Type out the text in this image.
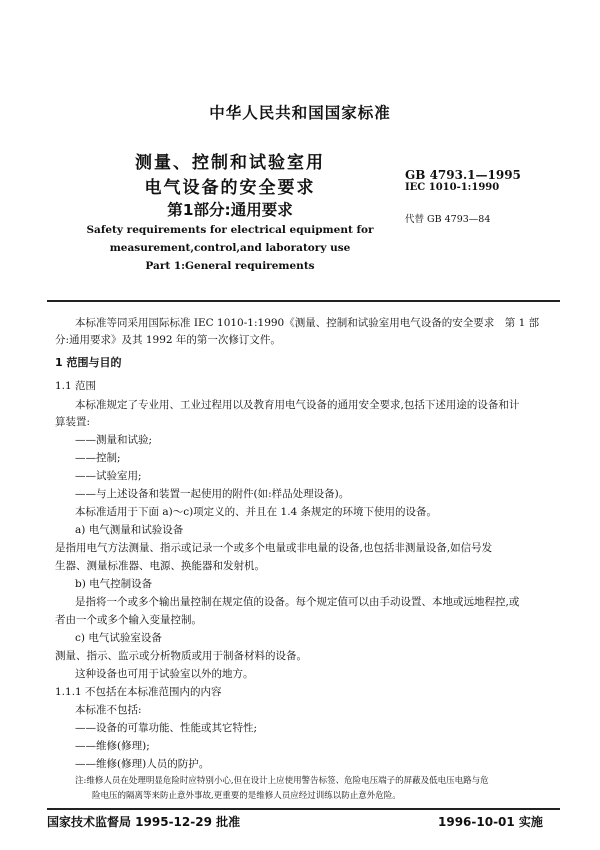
中华人民共和国国家标准
测量、控制和试验室用
电气设备的安全要求
第1部分:通用要求
Safety requirements for electrical equipment for
measurement,control,and laboratory use
Part 1:General requirements
GB 4793.1—1995
IEC 1010-1:1990
代替 GB 4793—84
本标准等同采用国际标准 IEC 1010-1:1990《测量、控制和试验室用电气设备的安全要求　第 1 部
分:通用要求》及其 1992 年的第一次修订文件。
1 范围与目的
1.1 范围
本标准规定了专业用、工业过程用以及教育用电气设备的通用安全要求,包括下述用途的设备和计
算装置:
——测量和试验;
——控制;
——试验室用;
——与上述设备和装置一起使用的附件(如:样品处理设备)。
本标准适用于下面 a)～c)项定义的、并且在 1.4 条规定的环境下使用的设备。
a) 电气测量和试验设备
是指用电气方法测量、指示或记录一个或多个电量或非电量的设备,也包括非测量设备,如信号发
生器、测量标准器、电源、换能器和发射机。
b) 电气控制设备
是指将一个或多个输出量控制在规定值的设备。每个规定值可以由手动设置、本地或远地程控,或
者由一个或多个输入变量控制。
c) 电气试验室设备
测量、指示、监示或分析物质或用于制备材料的设备。
这种设备也可用于试验室以外的地方。
1.1.1 不包括在本标准范围内的内容
本标准不包括:
——设备的可靠功能、性能或其它特性;
——维修(修理);
——维修(修理)人员的防护。
注:维修人员在处理明显危险时应特别小心,但在设计上应使用警告标签、危险电压端子的屏蔽及低电压电路与危
险电压的隔离等来防止意外事故,更重要的是维修人员应经过训练以防止意外危险。
国家技术监督局 1995-12-29 批准	1996-10-01 实施
